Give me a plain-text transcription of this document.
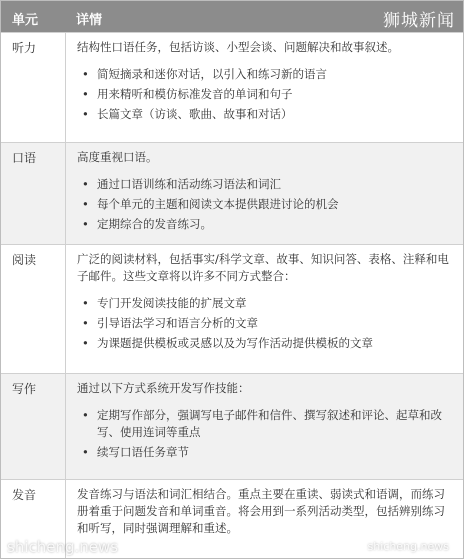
单元	详情	狮城新闻
听力	结构性口语任务，包括访谈、小型会谈、问题解决和故事叙述。

• 简短摘录和迷你对话，以引入和练习新的语言
• 用来精听和模仿标准发音的单词和句子
• 长篇文章（访谈、歌曲、故事和对话）
口语	高度重视口语。

• 通过口语训练和活动练习语法和词汇
• 每个单元的主题和阅读文本提供跟进讨论的机会
• 定期综合的发音练习。
阅读	广泛的阅读材料，包括事实/科学文章、故事、知识问答、表格、注释和电子邮件。这些文章将以许多不同方式整合：

• 专门开发阅读技能的扩展文章
• 引导语法学习和语言分析的文章
• 为课题提供模板或灵感以及为写作活动提供模板的文章
写作	通过以下方式系统开发写作技能：

• 定期写作部分，强调写电子邮件和信件、撰写叙述和评论、起草和改写、使用连词等重点
• 续写口语任务章节
发音	发音练习与语法和词汇相结合。重点主要在重读、弱读式和语调，而练习册着重于问题发音和单词重音。将会用到一系列活动类型，包括辨别练习和听写，同时强调理解和重述。

shicheng.news	shicheng.news
